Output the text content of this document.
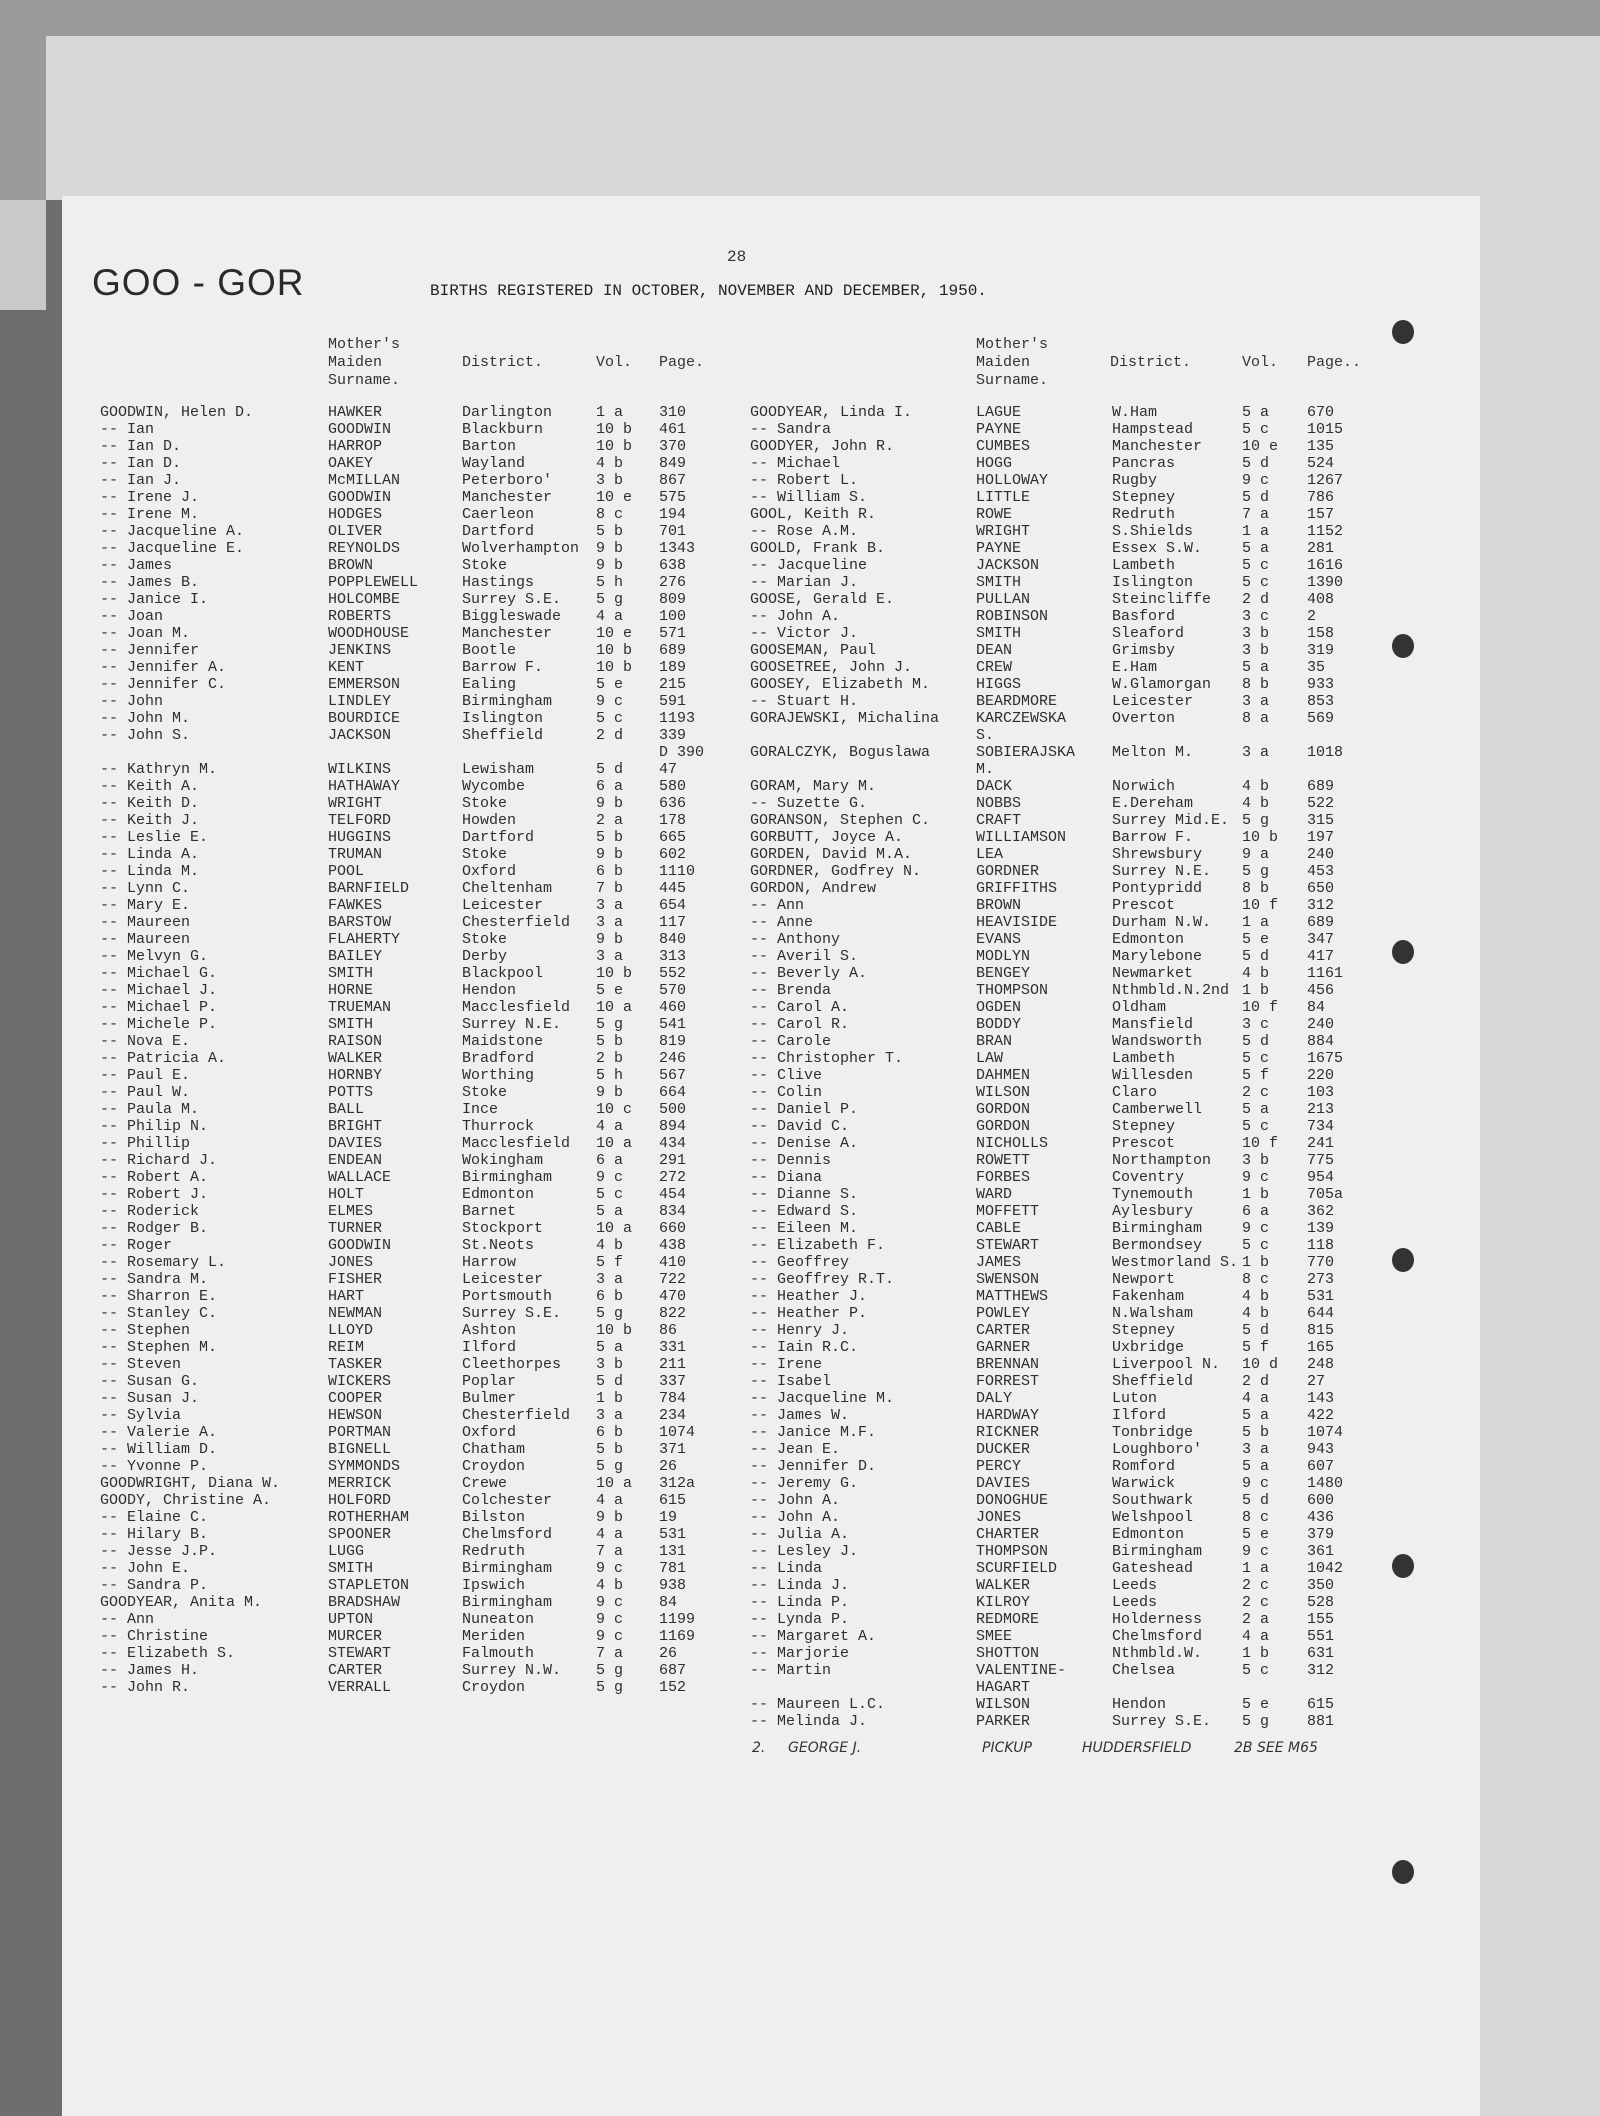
GOO - GOR
28
BIRTHS REGISTERED IN OCTOBER, NOVEMBER AND DECEMBER, 1950.
Mother's
Maiden
Surname.
District.	Vol. Page.
Mother's
Maiden
Surname.
District.	Vol. Page..
GOODWIN, Helen D.	HAWKER	Darlington	1 a 310
-- Ian	GOODWIN	Blackburn	10 b 461
-- Ian D.	HARROP	Barton	10 b 370
-- Ian D.	OAKEY	Wayland	4 b 849
-- Ian J.	McMILLAN	Peterboro'	3 b 867
-- Irene J.	GOODWIN	Manchester	10 e 575
-- Irene M.	HODGES	Caerleon	8 c 194
-- Jacqueline A.	OLIVER	Dartford	5 b 701
-- Jacqueline E.	REYNOLDS	Wolverhampton 9 b 1343
-- James	BROWN	Stoke	9 b 638
-- James B.	POPPLEWELL	Hastings	5 h 276
-- Janice I.	HOLCOMBE	Surrey S.E. 5 g 809
-- Joan	ROBERTS	Biggleswade 4 a 100
-- Joan M.	WOODHOUSE	Manchester	10 e 571
-- Jennifer	JENKINS	Bootle	10 b 689
-- Jennifer A.	KENT	Barrow F.	10 b 189
-- Jennifer C.	EMMERSON	Ealing	5 e 215
-- John	LINDLEY	Birmingham	9 c 591
-- John M.	BOURDICE	Islington	5 c 1193
-- John S.	JACKSON	Sheffield	2 d 339
D 390
-- Kathryn M.	WILKINS	Lewisham	5 d 47
-- Keith A.	HATHAWAY	Wycombe	6 a 580
-- Keith D.	WRIGHT	Stoke	9 b 636
-- Keith J.	TELFORD	Howden	2 a 178
-- Leslie E.	HUGGINS	Dartford	5 b 665
-- Linda A.	TRUMAN	Stoke	9 b 602
-- Linda M.	POOL	Oxford	6 b 1110
-- Lynn C.	BARNFIELD	Cheltenham	7 b 445
-- Mary E.	FAWKES	Leicester	3 a 654
-- Maureen	BARSTOW	Chesterfield 3 a 117
-- Maureen	FLAHERTY	Stoke	9 b 840
-- Melvyn G.	BAILEY	Derby	3 a 313
-- Michael G.	SMITH	Blackpool	10 b 552
-- Michael J.	HORNE	Hendon	5 e 570
-- Michael P.	TRUEMAN	Macclesfield 10 a 460
-- Michele P.	SMITH	Surrey N.E. 5 g 541
-- Nova E.	RAISON	Maidstone	5 b 819
-- Patricia A.	WALKER	Bradford	2 b 246
-- Paul E.	HORNBY	Worthing	5 h 567
-- Paul W.	POTTS	Stoke	9 b 664
-- Paula M.	BALL	Ince	10 c 500
-- Philip N.	BRIGHT	Thurrock	4 a 894
-- Phillip	DAVIES	Macclesfield 10 a 434
-- Richard J.	ENDEAN	Wokingham	6 a 291
-- Robert A.	WALLACE	Birmingham	9 c 272
-- Robert J.	HOLT	Edmonton	5 c 454
-- Roderick	ELMES	Barnet	5 a 834
-- Rodger B.	TURNER	Stockport	10 a 660
-- Roger	GOODWIN	St.Neots	4 b 438
-- Rosemary L.	JONES	Harrow	5 f 410
-- Sandra M.	FISHER	Leicester	3 a 722
-- Sharron E.	HART	Portsmouth	6 b 470
-- Stanley C.	NEWMAN	Surrey S.E. 5 g 822
-- Stephen	LLOYD	Ashton	10 b 86
-- Stephen M.	REIM	Ilford	5 a 331
-- Steven	TASKER	Cleethorpes 3 b 211
-- Susan G.	WICKERS	Poplar	5 d 337
-- Susan J.	COOPER	Bulmer	1 b 784
-- Sylvia	HEWSON	Chesterfield 3 a 234
-- Valerie A.	PORTMAN	Oxford	6 b 1074
-- William D.	BIGNELL	Chatham	5 b 371
-- Yvonne P.	SYMMONDS	Croydon	5 g 26
GOODWRIGHT, Diana W.	MERRICK	Crewe	10 a 312a
GOODY, Christine A.	HOLFORD	Colchester	4 a 615
-- Elaine C.	ROTHERHAM	Bilston	9 b 19
-- Hilary B.	SPOONER	Chelmsford	4 a 531
-- Jesse J.P.	LUGG	Redruth	7 a 131
-- John E.	SMITH	Birmingham	9 c 781
-- Sandra P.	STAPLETON	Ipswich	4 b 938
GOODYEAR, Anita M.	BRADSHAW	Birmingham	9 c 84
-- Ann	UPTON	Nuneaton	9 c 1199
-- Christine	MURCER	Meriden	9 c 1169
-- Elizabeth S.	STEWART	Falmouth	7 a 26
-- James H.	CARTER	Surrey N.W. 5 g 687
-- John R.	VERRALL	Croydon	5 g 152
GOODYEAR, Linda I.	LAGUE	W.Ham	5 a	670
-- Sandra	PAYNE	Hampstead	5 c	1015
GOODYER, John R.	CUMBES	Manchester	10 e 135
-- Michael	HOGG	Pancras	5 d	524
-- Robert L.	HOLLOWAY	Rugby	9 c	1267
-- William S.	LITTLE	Stepney	5 d	786
GOOL, Keith R.	ROWE	Redruth	7 a	157
-- Rose A.M.	WRIGHT	S.Shields	1 a	1152
GOOLD, Frank B.	PAYNE	Essex S.W.	5 a	281
-- Jacqueline	JACKSON	Lambeth	5 c	1616
-- Marian J.	SMITH	Islington	5 c	1390
GOOSE, Gerald E.	PULLAN	Steincliffe 2 d	408
-- John A.	ROBINSON	Basford	3 c	2
-- Victor J.	SMITH	Sleaford	3 b	158
GOOSEMAN, Paul	DEAN	Grimsby	3 b	319
GOOSETREE, John J.	CREW	E.Ham	5 a	35
GOOSEY, Elizabeth M.	HIGGS	W.Glamorgan 8 b	933
-- Stuart H.	BEARDMORE	Leicester	3 a	853
GORAJEWSKI, Michalina KARCZEWSKA	Overton	8 a	569
S.
GORALCZYK, Boguslawa	SOBIERAJSKA Melton M.	3 a	1018
M.
GORAM, Mary M.	DACK	Norwich	4 b	689
-- Suzette G.	NOBBS	E.Dereham	4 b	522
GORANSON, Stephen C.	CRAFT	Surrey Mid.E. 5 g	315
GORBUTT, Joyce A.	WILLIAMSON	Barrow F.	10 b 197
GORDEN, David M.A.	LEA	Shrewsbury	9 a	240
GORDNER, Godfrey N.	GORDNER	Surrey N.E. 5 g	453
GORDON, Andrew	GRIFFITHS	Pontypridd	8 b	650
-- Ann	BROWN	Prescot	10 f 312
-- Anne	HEAVISIDE	Durham N.W. 1 a	689
-- Anthony	EVANS	Edmonton	5 e	347
-- Averil S.	MODLYN	Marylebone	5 d	417
-- Beverly A.	BENGEY	Newmarket	4 b	1161
-- Brenda	THOMPSON	Nthmbld.N.2nd 1 b	456
-- Carol A.	OGDEN	Oldham	10 f 84
-- Carol R.	BODDY	Mansfield	3 c	240
-- Carole	BRAN	Wandsworth	5 d	884
-- Christopher T.	LAW	Lambeth	5 c	1675
-- Clive	DAHMEN	Willesden	5 f	220
-- Colin	WILSON	Claro	2 c	103
-- Daniel P.	GORDON	Camberwell	5 a	213
-- David C.	GORDON	Stepney	5 c	734
-- Denise A.	NICHOLLS	Prescot	10 f 241
-- Dennis	ROWETT	Northampton 3 b	775
-- Diana	FORBES	Coventry	9 c	954
-- Dianne S.	WARD	Tynemouth	1 b	705a
-- Edward S.	MOFFETT	Aylesbury	6 a	362
-- Eileen M.	CABLE	Birmingham	9 c	139
-- Elizabeth F.	STEWART	Bermondsey	5 c	118
-- Geoffrey	JAMES	Westmorland S. 1 b	770
-- Geoffrey R.T.	SWENSON	Newport	8 c	273
-- Heather J.	MATTHEWS	Fakenham	4 b	531
-- Heather P.	POWLEY	N.Walsham	4 b	644
-- Henry J.	CARTER	Stepney	5 d	815
-- Iain R.C.	GARNER	Uxbridge	5 f	165
-- Irene	BRENNAN	Liverpool N. 10 d 248
-- Isabel	FORREST	Sheffield	2 d	27
-- Jacqueline M.	DALY	Luton	4 a	143
-- James W.	HARDWAY	Ilford	5 a	422
-- Janice M.F.	RICKNER	Tonbridge	5 b	1074
-- Jean E.	DUCKER	Loughboro'	3 a	943
-- Jennifer D.	PERCY	Romford	5 a	607
-- Jeremy G.	DAVIES	Warwick	9 c	1480
-- John A.	DONOGHUE	Southwark	5 d	600
-- John A.	JONES	Welshpool	8 c	436
-- Julia A.	CHARTER	Edmonton	5 e	379
-- Lesley J.	THOMPSON	Birmingham	9 c	361
-- Linda	SCURFIELD	Gateshead	1 a	1042
-- Linda J.	WALKER	Leeds	2 c	350
-- Linda P.	KILROY	Leeds	2 c	528
-- Lynda P.	REDMORE	Holderness	2 a	155
-- Margaret A.	SMEE	Chelmsford	4 a	551
-- Marjorie	SHOTTON	Nthmbld.W.	1 b	631
-- Martin	VALENTINE-	Chelsea	5 c	312
HAGART
-- Maureen L.C.	WILSON	Hendon	5 e	615
-- Melinda J.	PARKER	Surrey S.E. 5 g	881
2. GEORGE J.	PICKUP	HUDDERSFIELD	2B SEE M65
